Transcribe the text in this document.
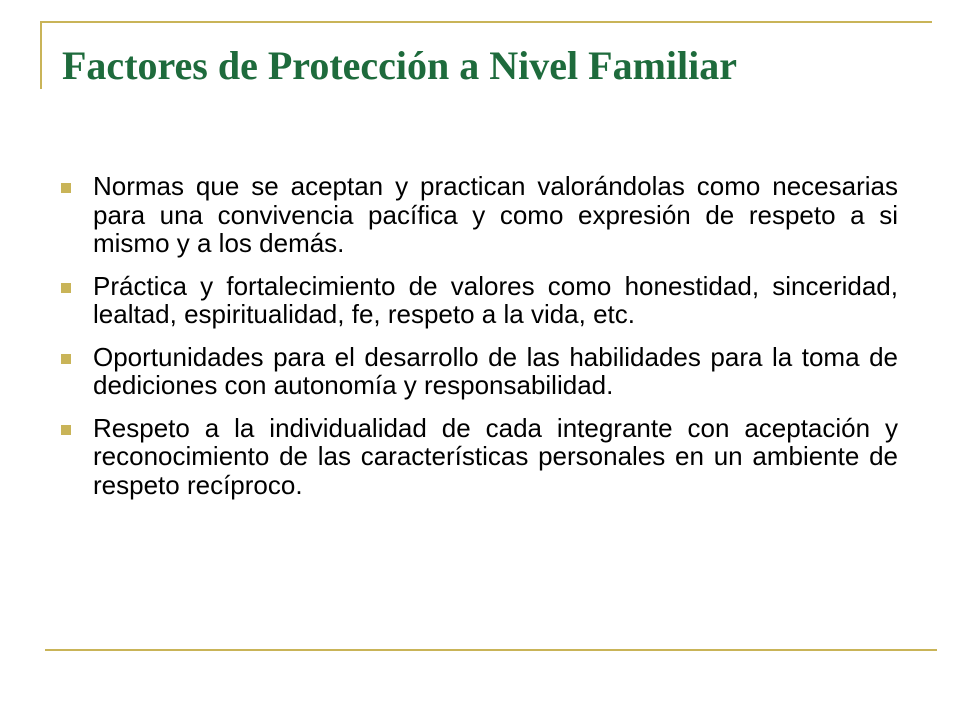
Factores de Protección a Nivel Familiar
Normas que se aceptan y practican valorándolas como necesarias para una convivencia pacífica y como expresión de respeto a si mismo y a los demás.
Práctica y fortalecimiento de valores como honestidad, sinceridad, lealtad, espiritualidad, fe, respeto a la vida, etc.
Oportunidades para el desarrollo de las habilidades para la toma de dediciones con autonomía y responsabilidad.
Respeto a la individualidad de cada integrante con aceptación y reconocimiento de las características personales en un ambiente de respeto recíproco.
